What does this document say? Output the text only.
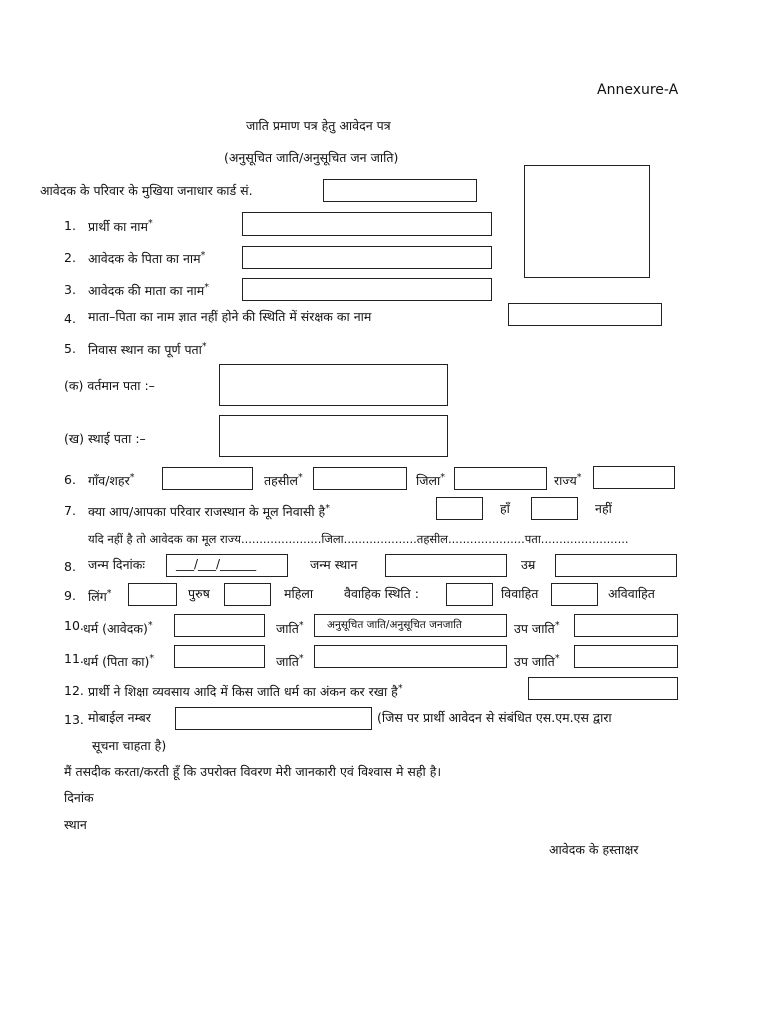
Annexure-A
जाति प्रमाण पत्र हेतु आवेदन पत्र
(अनुसूचित जाति/अनुसूचित जन जाति)
आवेदक के परिवार के मुखिया जनाधार कार्ड सं.
1. प्रार्थी का नाम*
2. आवेदक के पिता का नाम*
3. आवेदक की माता का नाम*
4. माता–पिता का नाम ज्ञात नहीं होने की स्थिति में संरक्षक का नाम
5. निवास स्थान का पूर्ण पता*
(क) वर्तमान पता :–
(ख) स्थाई पता :–
6. गाँव/शहर*	तहसील*	जिला*	राज्य*
7. क्या आप/आपका परिवार राजस्थान के मूल निवासी है*	हाँ	नहीं
यदि नहीं है तो आवेदक का मूल राज्य......................जिला....................तहसील.....................पता........................
8. जन्म दिनांकः	___/___/______	जन्म स्थान	उम्र
9. लिंग*	पुरुष	महिला वैवाहिक स्थिति :	विवाहित	अविवाहित
10. धर्म (आवेदक)*	जाति* अनुसूचित जाति/अनुसूचित जनजाति	उप जाति*
11. धर्म (पिता का)*	जाति*	उप जाति*
12. प्रार्थी ने शिक्षा व्यवसाय आदि में किस जाति धर्म का अंकन कर रखा है*
13. मोबाईल नम्बर	(जिस पर प्रार्थी आवेदन से संबंधित एस.एम.एस द्वारा
सूचना चाहता है)
मैं तसदीक करता/करती हूँ कि उपरोक्त विवरण मेरी जानकारी एवं विश्वास मे सही है।
दिनांक
स्थान
आवेदक के हस्ताक्षर
